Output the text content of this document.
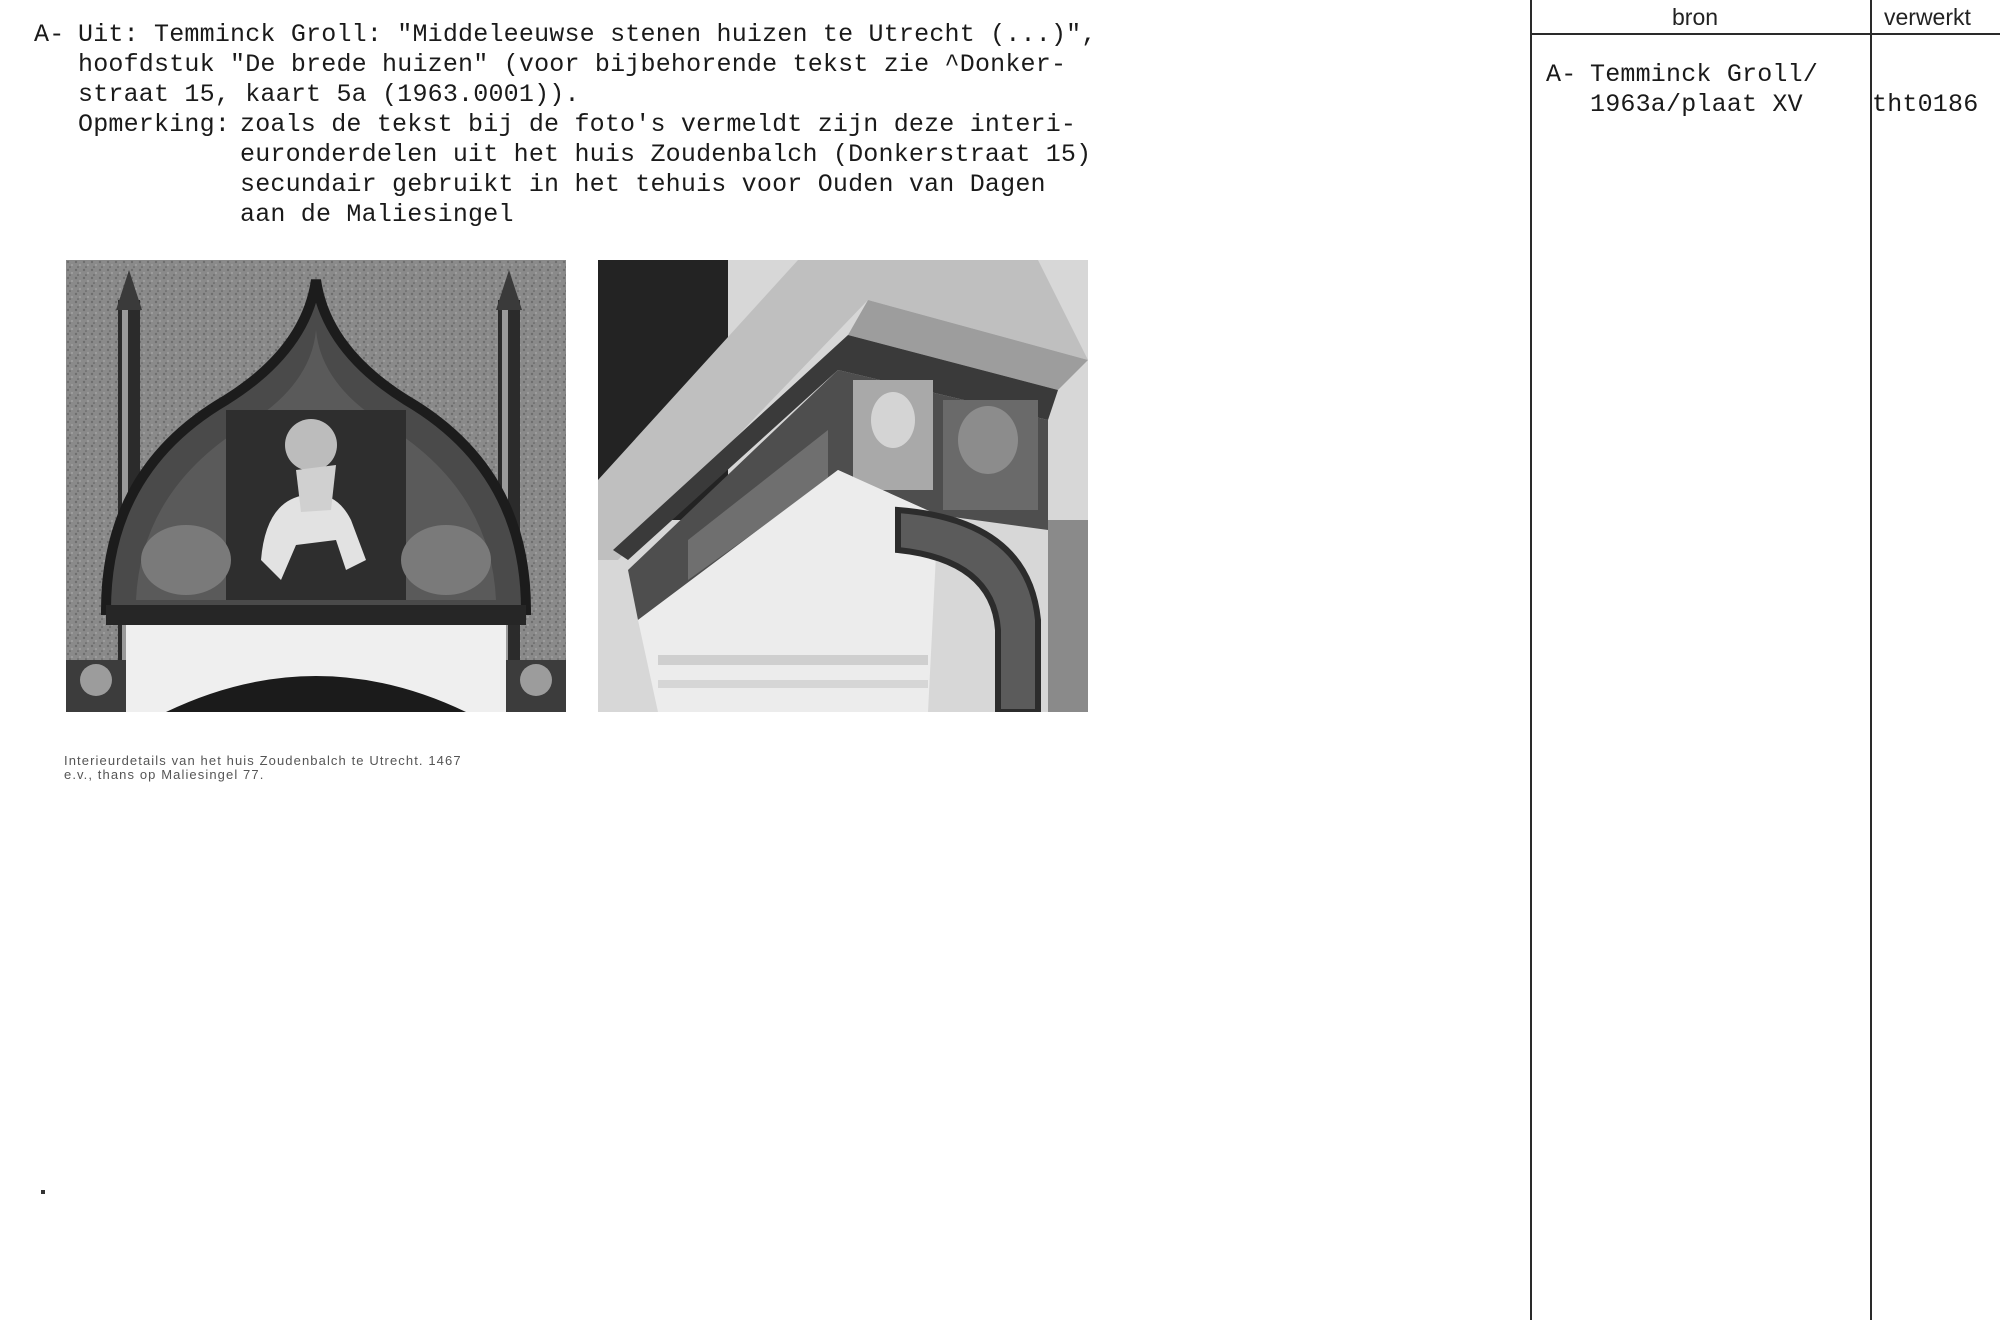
A- Uit: Temminck Groll: "Middeleeuwse stenen huizen te Utrecht (...)",
hoofdstuk "De brede huizen" (voor bijbehorende tekst zie ^Donker-
straat 15, kaart 5a (1963.0001)).
Opmerking: zoals de tekst bij de foto's vermeldt zijn deze interi-
euronderdelen uit het huis Zoudenbalch (Donkerstraat 15)
secundair gebruikt in het tehuis voor Ouden van Dagen
aan de Maliesingel
Interieurdetails van het huis Zoudenbalch te Utrecht. 1467
e.v., thans op Maliesingel 77.
bron	verwerkt
A- Temminck Groll/
1963a/plaat XV	tht0186
